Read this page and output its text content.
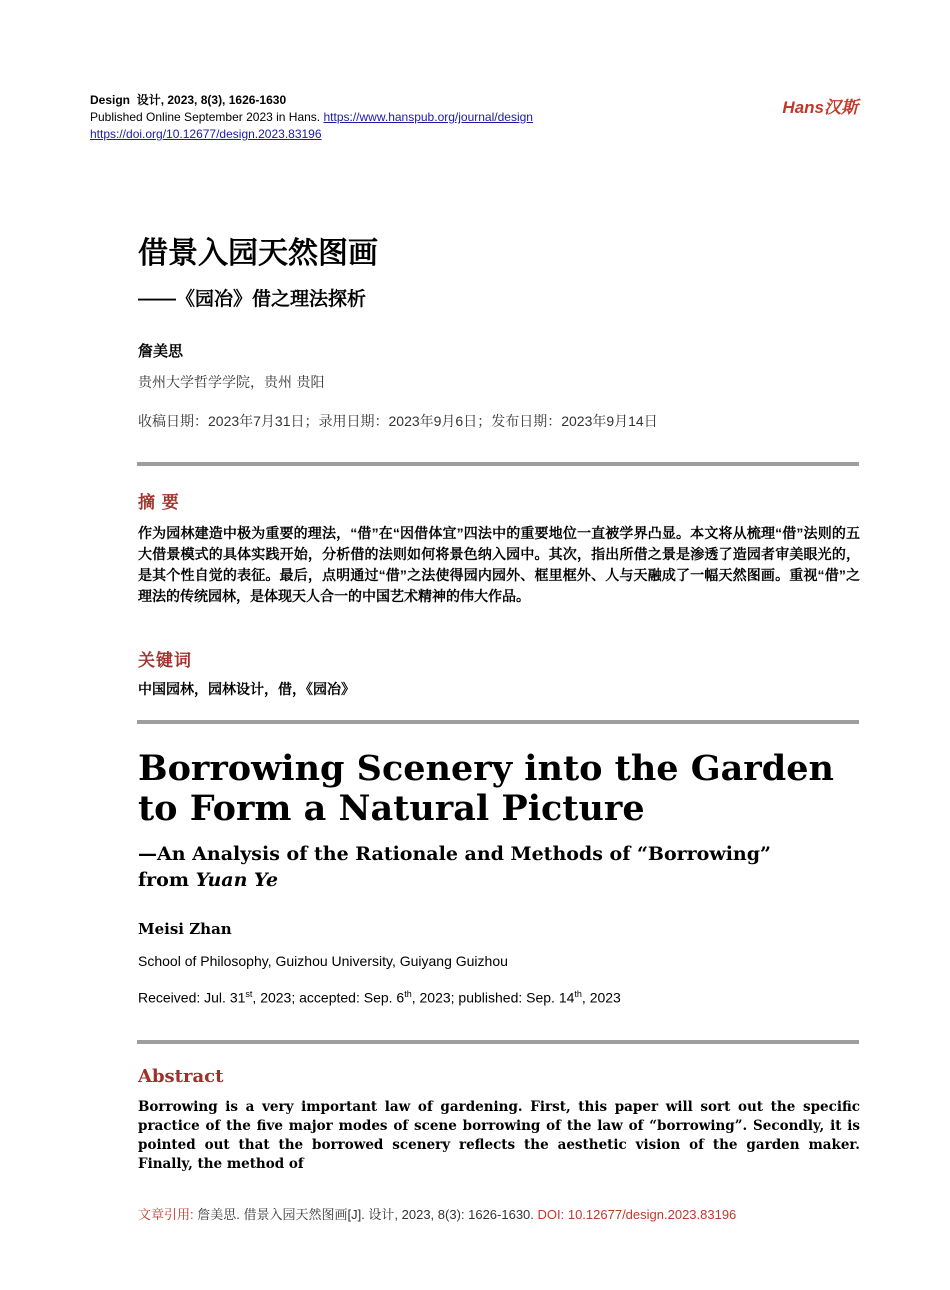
Design 设计, 2023, 8(3), 1626-1630
Published Online September 2023 in Hans. https://www.hanspub.org/journal/design
https://doi.org/10.12677/design.2023.83196
Hans汉斯
借景入园天然图画
——《园冶》借之理法探析
詹美思
贵州大学哲学学院，贵州 贵阳
收稿日期：2023年7月31日；录用日期：2023年9月6日；发布日期：2023年9月14日
摘 要
作为园林建造中极为重要的理法，“借”在“因借体宜”四法中的重要地位一直被学界凸显。本文将从梳理“借”法则的五大借景模式的具体实践开始，分析借的法则如何将景色纳入园中。其次，指出所借之景是渗透了造园者审美眼光的，是其个性自觉的表征。最后，点明通过“借”之法使得园内园外、框里框外、人与天融成了一幅天然图画。重视“借”之理法的传统园林，是体现天人合一的中国艺术精神的伟大作品。
关键词
中国园林，园林设计，借，《园冶》
Borrowing Scenery into the Garden
to Form a Natural Picture
—An Analysis of the Rationale and Methods of “Borrowing”
from Yuan Ye
Meisi Zhan
School of Philosophy, Guizhou University, Guiyang Guizhou
Received: Jul. 31st, 2023; accepted: Sep. 6th, 2023; published: Sep. 14th, 2023
Abstract
Borrowing is a very important law of gardening. First, this paper will sort out the specific practice of the five major modes of scene borrowing of the law of “borrowing”. Secondly, it is pointed out that the borrowed scenery reflects the aesthetic vision of the garden maker. Finally, the method of
文章引用: 詹美思. 借景入园天然图画[J]. 设计, 2023, 8(3): 1626-1630. DOI: 10.12677/design.2023.83196
